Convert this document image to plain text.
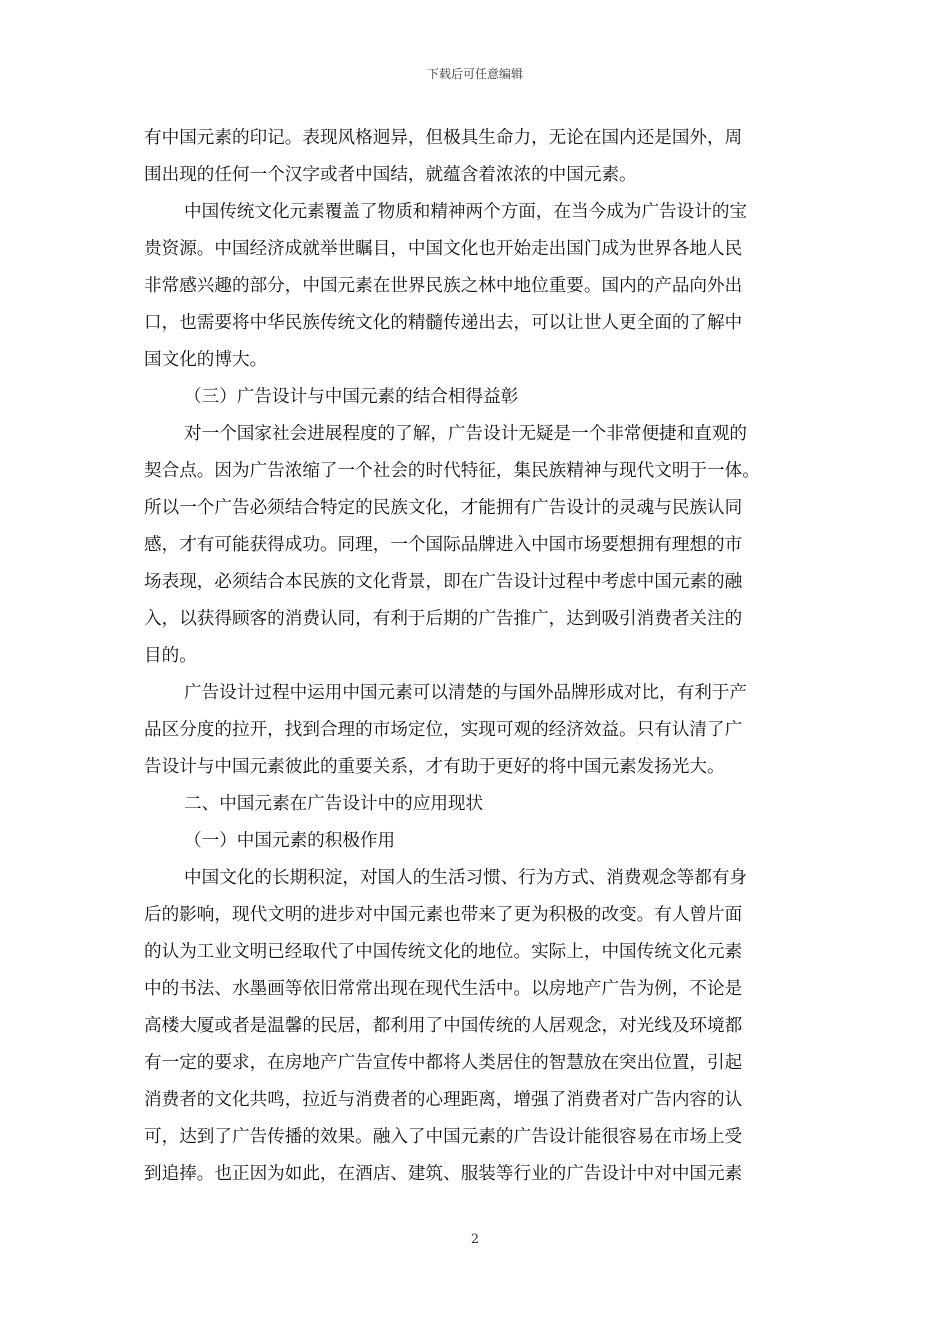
下载后可任意编辑
有中国元素的印记。表现风格迥异，但极具生命力，无论在国内还是国外，周
围出现的任何一个汉字或者中国结，就蕴含着浓浓的中国元素。
中国传统文化元素覆盖了物质和精神两个方面，在当今成为广告设计的宝
贵资源。中国经济成就举世瞩目，中国文化也开始走出国门成为世界各地人民
非常感兴趣的部分，中国元素在世界民族之林中地位重要。国内的产品向外出
口，也需要将中华民族传统文化的精髓传递出去，可以让世人更全面的了解中
国文化的博大。
（三）广告设计与中国元素的结合相得益彰
对一个国家社会进展程度的了解，广告设计无疑是一个非常便捷和直观的
契合点。因为广告浓缩了一个社会的时代特征，集民族精神与现代文明于一体。
所以一个广告必须结合特定的民族文化，才能拥有广告设计的灵魂与民族认同
感，才有可能获得成功。同理，一个国际品牌进入中国市场要想拥有理想的市
场表现，必须结合本民族的文化背景，即在广告设计过程中考虑中国元素的融
入，以获得顾客的消费认同，有利于后期的广告推广，达到吸引消费者关注的
目的。
广告设计过程中运用中国元素可以清楚的与国外品牌形成对比，有利于产
品区分度的拉开，找到合理的市场定位，实现可观的经济效益。只有认清了广
告设计与中国元素彼此的重要关系，才有助于更好的将中国元素发扬光大。
二、中国元素在广告设计中的应用现状
（一）中国元素的积极作用
中国文化的长期积淀，对国人的生活习惯、行为方式、消费观念等都有身
后的影响，现代文明的进步对中国元素也带来了更为积极的改变。有人曾片面
的认为工业文明已经取代了中国传统文化的地位。实际上，中国传统文化元素
中的书法、水墨画等依旧常常出现在现代生活中。以房地产广告为例，不论是
高楼大厦或者是温馨的民居，都利用了中国传统的人居观念，对光线及环境都
有一定的要求，在房地产广告宣传中都将人类居住的智慧放在突出位置，引起
消费者的文化共鸣，拉近与消费者的心理距离，增强了消费者对广告内容的认
可，达到了广告传播的效果。融入了中国元素的广告设计能很容易在市场上受
到追捧。也正因为如此，在酒店、建筑、服装等行业的广告设计中对中国元素
2
